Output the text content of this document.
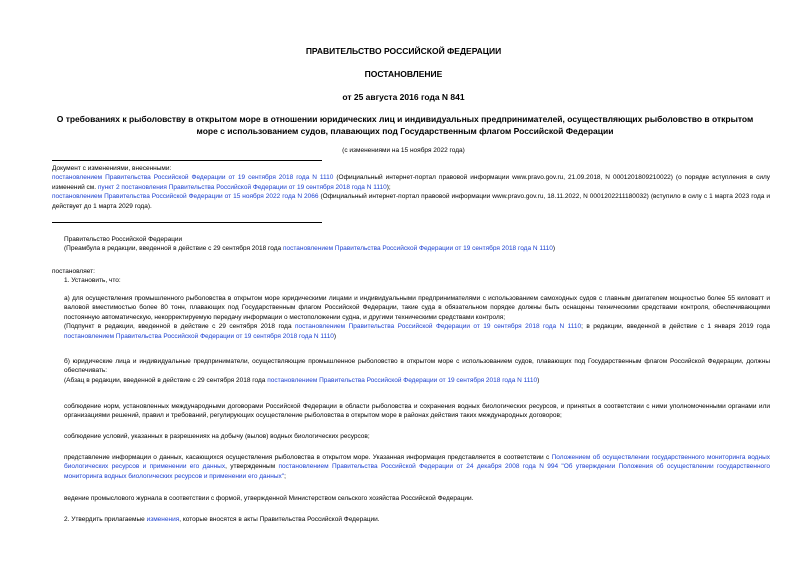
ПРАВИТЕЛЬСТВО РОССИЙСКОЙ ФЕДЕРАЦИИ
ПОСТАНОВЛЕНИЕ
от 25 августа 2016 года N 841
О требованиях к рыболовству в открытом море в отношении юридических лиц и индивидуальных предпринимателей, осуществляющих рыболовство в открытом море с использованием судов, плавающих под Государственным флагом Российской Федерации
(с изменениями на 15 ноября 2022 года)

Документ с изменениями, внесенными:

постановлением Правительства Российской Федерации от 19 сентября 2018 года N 1110 (Официальный интернет-портал правовой информации www.pravo.gov.ru, 21.09.2018, N 0001201809210022) (о порядке вступления в силу изменений см. пункт 2 постановления Правительства Российской Федерации от 19 сентября 2018 года N 1110);

постановлением Правительства Российской Федерации от 15 ноября 2022 года N 2066 (Официальный интернет-портал правовой информации www.pravo.gov.ru, 18.11.2022, N 0001202211180032) (вступило в силу с 1 марта 2023 года и действует до 1 марта 2029 года).

Правительство Российской Федерации

(Преамбула в редакции, введенной в действие с 29 сентября 2018 года постановлением Правительства Российской Федерации от 19 сентября 2018 года N 1110)

постановляет:

1. Установить, что:

а) для осуществления промышленного рыболовства в открытом море юридическими лицами и индивидуальными предпринимателями с использованием самоходных судов с главным двигателем мощностью более 55 киловатт и валовой вместимостью более 80 тонн, плавающих под Государственным флагом Российской Федерации, такие суда в обязательном порядке должны быть оснащены техническими средствами контроля, обеспечивающими постоянную автоматическую, некорректируемую передачу информации о местоположении судна, и другими техническими средствами контроля;

(Подпункт в редакции, введенной в действие с 29 сентября 2018 года постановлением Правительства Российской Федерации от 19 сентября 2018 года N 1110; в редакции, введенной в действие с 1 января 2019 года постановлением Правительства Российской Федерации от 19 сентября 2018 года N 1110)

б) юридические лица и индивидуальные предприниматели, осуществляющие промышленное рыболовство в открытом море с использованием судов, плавающих под Государственным флагом Российской Федерации, должны обеспечивать:

(Абзац в редакции, введенной в действие с 29 сентября 2018 года постановлением Правительства Российской Федерации от 19 сентября 2018 года N 1110)

соблюдение норм, установленных международными договорами Российской Федерации в области рыболовства и сохранения водных биологических ресурсов, и принятых в соответствии с ними уполномоченными органами или организациями решений, правил и требований, регулирующих осуществление рыболовства в открытом море в районах действия таких международных договоров;

соблюдение условий, указанных в разрешениях на добычу (вылов) водных биологических ресурсов;

представление информации о данных, касающихся осуществления рыболовства в открытом море. Указанная информация представляется в соответствии с Положением об осуществлении государственного мониторинга водных биологических ресурсов и применении его данных, утвержденным постановлением Правительства Российской Федерации от 24 декабря 2008 года N 994 "Об утверждении Положения об осуществлении государственного мониторинга водных биологических ресурсов и применении его данных";

ведение промыслового журнала в соответствии с формой, утвержденной Министерством сельского хозяйства Российской Федерации.

2. Утвердить прилагаемые изменения, которые вносятся в акты Правительства Российской Федерации.
